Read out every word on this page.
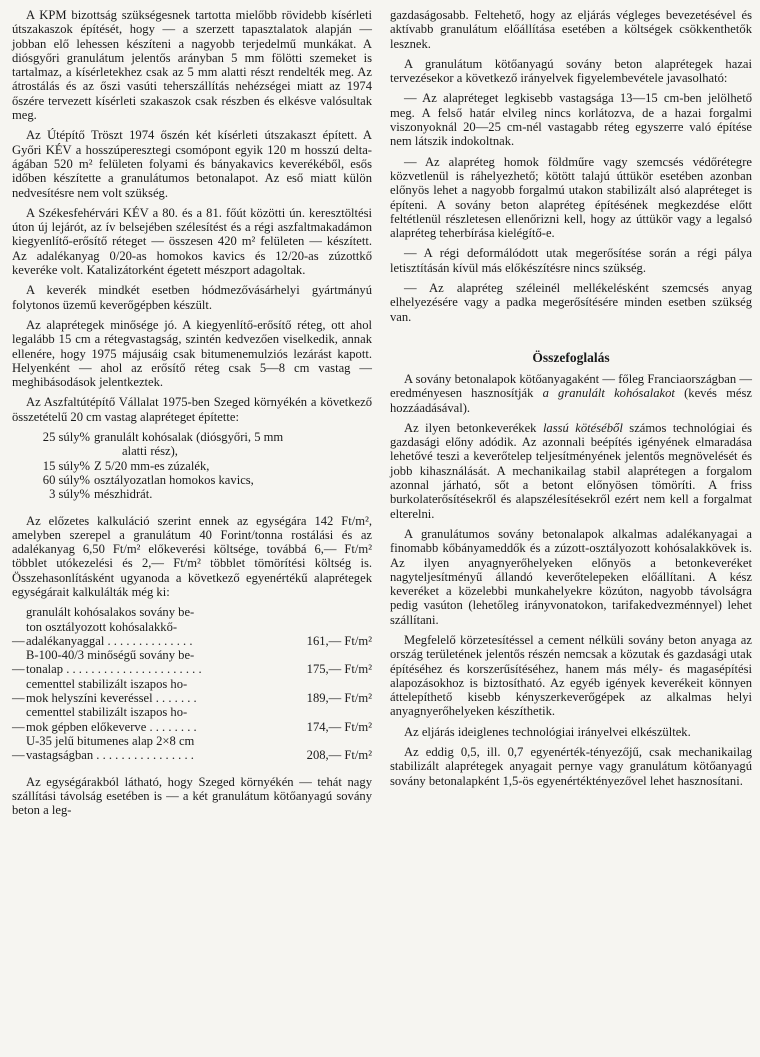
A KPM bizottság szükségesnek tartotta mielőbb rövidebb kísérleti útszakaszok építését, hogy — a szerzett tapasztalatok alapján — jobban elő lehessen készíteni a nagyobb terjedelmű munkákat. A diósgyőri granulátum jelentős arányban 5 mm fölötti szemeket is tartalmaz, a kísérletekhez csak az 5 mm alatti részt rendelték meg. Az átrostálás és az őszi vasúti teherszállítás nehézségei miatt az 1974 őszére tervezett kísérleti szakaszok csak részben és elkésve valósultak meg.

Az Útépítő Tröszt 1974 őszén két kísérleti útszakaszt épített. A Győri KÉV a hosszúperesztegi csomópont egyik 120 m hosszú delta-ágában 520 m² felületen folyami és bányakavics keverékéből, esős időben készítette a granulátumos betonalapot. Az eső miatt külön nedvesítésre nem volt szükség.

A Székesfehérvári KÉV a 80. és a 81. főút közötti ún. keresztöltési úton új lejárót, az ív belsejében szélesítést és a régi aszfaltmakadámon kiegyenlítő-erősítő réteget — összesen 420 m² felületen — készített. Az adalékanyag 0/20-as homokos kavics és 12/20-as zúzottkő keveréke volt. Katalizátorként égetett mészport adagoltak.

A keverék mindkét esetben hódmezővásárhelyi gyártmányú folytonos üzemű keverőgépben készült.

Az alaprétegek minősége jó. A kiegyenlítő-erősítő réteg, ott ahol legalább 15 cm a rétegvastagság, szintén kedvezően viselkedik, annak ellenére, hogy 1975 májusáig csak bitumenemulziós lezárást kapott. Helyenként — ahol az erősítő réteg csak 5—8 cm vastag — meghibásodások jelentkeztek.

Az Aszfaltútépítő Vállalat 1975-ben Szeged környékén a következő összetételű 20 cm vastag alapréteget építette:

25 súly% granulált kohósalak (diósgyőri, 5 mm
alatti rész),
15 súly% Z 5/20 mm-es zúzalék,
60 súly% osztályozatlan homokos kavics,
3 súly% mészhidrát.

Az előzetes kalkuláció szerint ennek az egységára 142 Ft/m², amelyben szerepel a granulátum 40 Forint/tonna rostálási és az adalékanyag 6,50 Ft/m² előkeverési költsége, továbbá 6,— Ft/m² többlet utókezelési és 2,— Ft/m² többlet tömörítési költség is. Összehasonlításként ugyanoda a következő egyenértékű alaprétegek egységárait kalkulálták még ki:

—
granulált kohósalakos sovány be-
ton osztályozott kohósalakkő-
adalékanyaggal . . . . . . . . . . . . . .	161,— Ft/m²
—
B-100-40/3 minőségű sovány be-
tonalap . . . . . . . . . . . . . . . . . . . . . .	175,— Ft/m²
—
cementtel stabilizált iszapos ho-
mok helyszíni keveréssel . . . . . . .	189,— Ft/m²
—
cementtel stabilizált iszapos ho-
mok gépben előkeverve . . . . . . . .	174,— Ft/m²
—
U-35 jelű bitumenes alap 2×8 cm
vastagságban . . . . . . . . . . . . . . . .	208,— Ft/m²

Az egységárakból látható, hogy Szeged környékén — tehát nagy szállítási távolság esetében is — a két granulátum kötőanyagú sovány beton a leg-

gazdaságosabb. Feltehető, hogy az eljárás végleges bevezetésével és aktívabb granulátum előállítása esetében a költségek csökkenthetők lesznek.

A granulátum kötőanyagú sovány beton alaprétegek hazai tervezésekor a következő irányelvek figyelembevétele javasolható:

— Az alapréteget legkisebb vastagsága 13—15 cm-ben jelölhető meg. A felső határ elvileg nincs korlátozva, de a hazai forgalmi viszonyoknál 20—25 cm-nél vastagabb réteg egyszerre való építése nem látszik indokoltnak.

— Az alapréteg homok földműre vagy szemcsés védőrétegre közvetlenül is ráhelyezhető; kötött talajú úttükör esetében azonban előnyös lehet a nagyobb forgalmú utakon stabilizált alsó alapréteget is építeni. A sovány beton alapréteg építésének megkezdése előtt feltétlenül részletesen ellenőrizni kell, hogy az úttükör vagy a legalsó alapréteg teherbírása kielégítő-e.

— A régi deformálódott utak megerősítése során a régi pálya letisztításán kívül más előkészítésre nincs szükség.

— Az alapréteg széleinél mellékelésként szemcsés anyag elhelyezésére vagy a padka megerősítésére minden esetben szükség van.

Összefoglalás

A sovány betonalapok kötőanyagaként — főleg Franciaországban — eredményesen hasznosítják a granulált kohósalakot (kevés mész hozzáadásával).

Az ilyen betonkeverékek lassú kötéséből számos technológiai és gazdasági előny adódik. Az azonnali beépítés igényének elmaradása lehetővé teszi a keverőtelep teljesítményének jelentős megnövelését és jobb kihasználását. A mechanikailag stabil alaprétegen a forgalom azonnal járható, sőt a betont előnyösen tömöríti. A friss burkolaterősítésekről és alapszélesítésekről ezért nem kell a forgalmat elterelni.

A granulátumos sovány betonalapok alkalmas adalékanyagai a finomabb kőbányameddők és a zúzott-osztályozott kohósalakkövek is. Az ilyen anyagnyerőhelyeken előnyös a betonkeveréket nagyteljesítményű állandó keverőtelepeken előállítani. A kész keveréket a közelebbi munkahelyekre közúton, nagyobb távolságra pedig vasúton (lehetőleg irányvonatokon, tarifakedvezménnyel) lehet szállítani.

Megfelelő körzetesítéssel a cement nélküli sovány beton anyaga az ország területének jelentős részén nemcsak a közutak és gazdasági utak építéséhez és korszerűsítéséhez, hanem más mély- és magasépítési alapozásokhoz is biztosítható. Az egyéb igények keverékeit könnyen áttelepíthető kisebb kényszerkeverőgépek az alkalmas helyi anyagnyerőhelyeken készíthetik.

Az eljárás ideiglenes technológiai irányelvei elkészültek.

Az eddig 0,5, ill. 0,7 egyenérték-tényezőjű, csak mechanikailag stabilizált alaprétegek anyagait pernye vagy granulátum kötőanyagú sovány betonalapként 1,5-ös egyenértéktényezővel lehet hasznosítani.
